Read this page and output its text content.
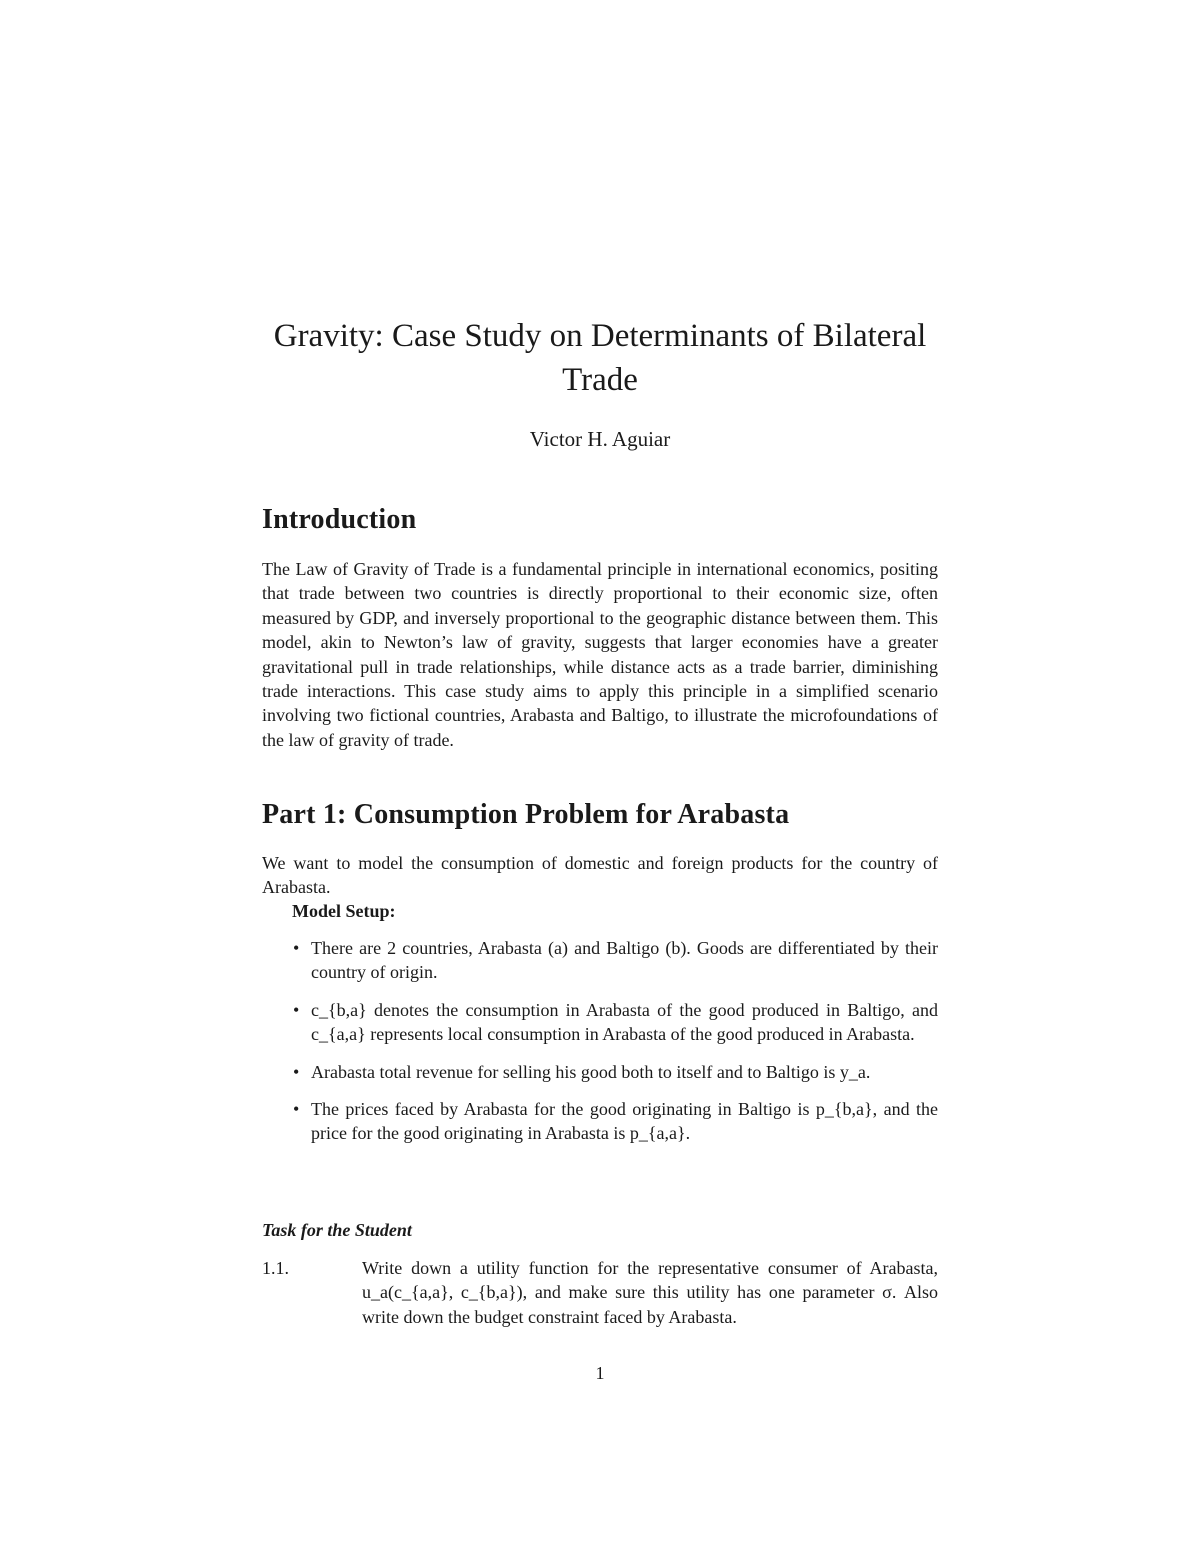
Gravity: Case Study on Determinants of Bilateral Trade
Victor H. Aguiar
Introduction

The Law of Gravity of Trade is a fundamental principle in international economics, positing that trade between two countries is directly proportional to their economic size, often measured by GDP, and inversely proportional to the geographic distance between them. This model, akin to Newton’s law of gravity, suggests that larger economies have a greater gravitational pull in trade relationships, while distance acts as a trade barrier, diminishing trade interactions. This case study aims to apply this principle in a simplified scenario involving two fictional countries, Arabasta and Baltigo, to illustrate the microfoundations of the law of gravity of trade.

Part 1: Consumption Problem for Arabasta

We want to model the consumption of domestic and foreign products for the country of Arabasta.

Model Setup:
• There are 2 countries, Arabasta (a) and Baltigo (b). Goods are differentiated by their country of origin.
• c_{b,a} denotes the consumption in Arabasta of the good produced in Baltigo, and c_{a,a} represents local consumption in Arabasta of the good produced in Arabasta.
• Arabasta total revenue for selling his good both to itself and to Baltigo is y_a.
• The prices faced by Arabasta for the good originating in Baltigo is p_{b,a}, and the price for the good originating in Arabasta is p_{a,a}.
Task for the Student
1.1.	Write down a utility function for the representative consumer of Arabasta, u_a(c_{a,a}, c_{b,a}), and make sure this utility has one parameter σ. Also write down the budget constraint faced by Arabasta.

1
